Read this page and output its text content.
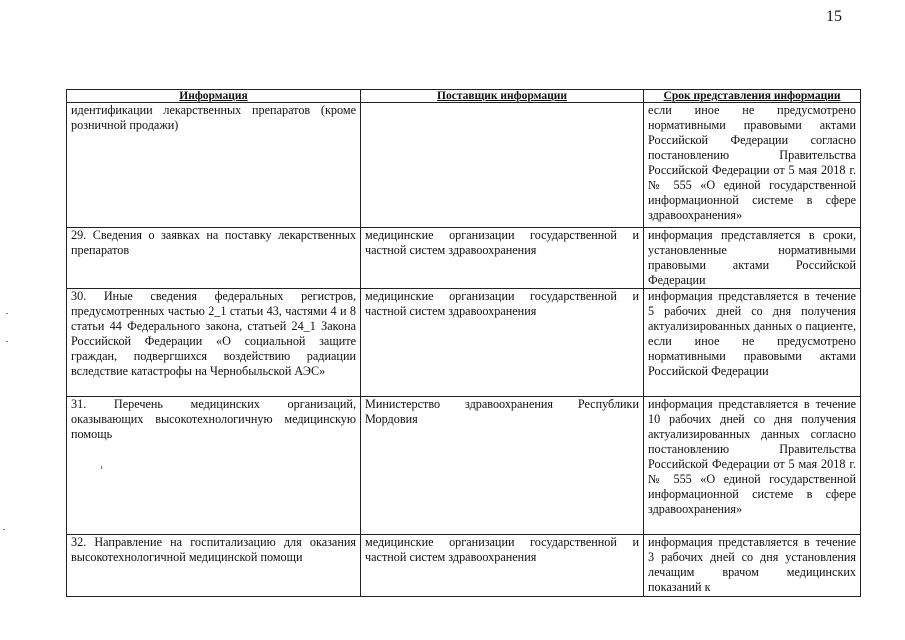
15
Информация	Поставщик информации	Срок представления информации

идентификации лекарственных препаратов (кроме розничной продажи)		если иное не предусмотрено нормативными правовыми актами Российской Федерации согласно постановлению Правительства Российской Федерации от 5 мая 2018 г. № 555 «О единой государственной информационной системе в сфере здравоохранения»

29. Сведения о заявках на поставку лекарственных препаратов	медицинские организации государственной и частной систем здравоохранения	информация представляется в сроки, установленные нормативными правовыми актами Российской Федерации

30. Иные сведения федеральных регистров, предусмотренных частью 2_1 статьи 43, частями 4 и 8 статьи 44 Федерального закона, статьей 24_1 Закона Российской Федерации «О социальной защите граждан, подвергшихся воздействию радиации вследствие катастрофы на Чернобыльской АЭС»	медицинские организации государственной и частной систем здравоохранения	информация представляется в течение 5 рабочих дней со дня получения актуализированных данных о пациенте, если иное не предусмотрено нормативными правовыми актами Российской Федерации

31. Перечень медицинских организаций, оказывающих высокотехнологичную медицинскую помощь	Министерство здравоохранения Республики Мордовия	информация представляется в течение 10 рабочих дней со дня получения актуализированных данных согласно постановлению Правительства Российской Федерации от 5 мая 2018 г. № 555 «О единой государственной информационной системе в сфере здравоохранения»

32. Направление на госпитализацию для оказания высокотехнологичной медицинской помощи	медицинские организации государственной и частной систем здравоохранения	информация представляется в течение 3 рабочих дней со дня установления лечащим врачом медицинских показаний к
